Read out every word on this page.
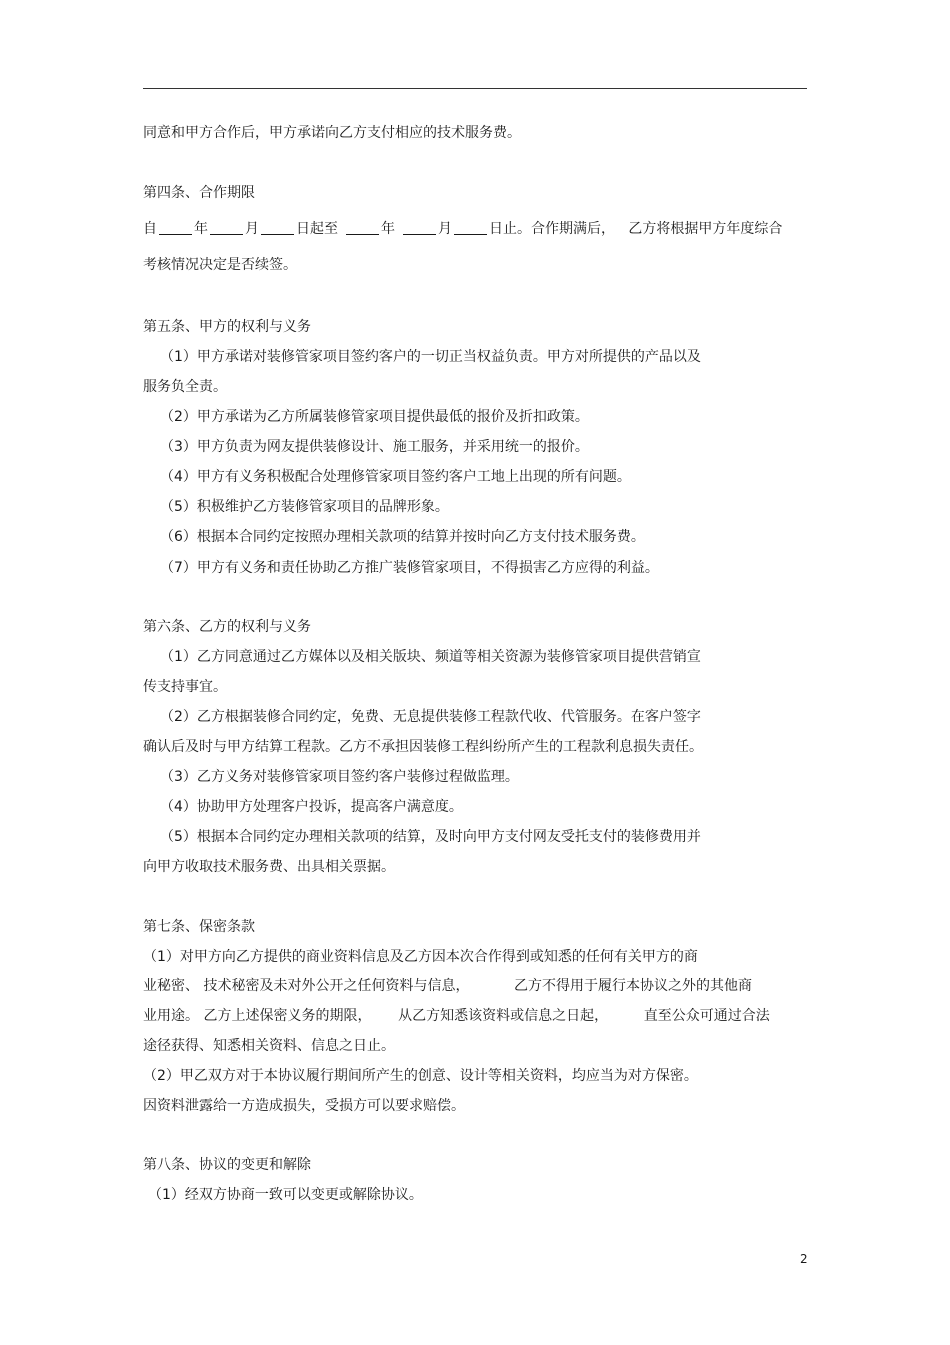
同意和甲方合作后，甲方承诺向乙方支付相应的技术服务费。
第四条、合作期限
自	年	月	日起至	年	月	日止。合作期满后，   乙方将根据甲方年度综合
考核情况决定是否续签。
第五条、甲方的权利与义务
（1）甲方承诺对装修管家项目签约客户的一切正当权益负责。甲方对所提供的产品以及
服务负全责。
（2）甲方承诺为乙方所属装修管家项目提供最低的报价及折扣政策。
（3）甲方负责为网友提供装修设计、施工服务，并采用统一的报价。
（4）甲方有义务积极配合处理修管家项目签约客户工地上出现的所有问题。
（5）积极维护乙方装修管家项目的品牌形象。
（6）根据本合同约定按照办理相关款项的结算并按时向乙方支付技术服务费。
（7）甲方有义务和责任协助乙方推广装修管家项目，不得损害乙方应得的利益。
第六条、乙方的权利与义务
（1）乙方同意通过乙方媒体以及相关版块、频道等相关资源为装修管家项目提供营销宣
传支持事宜。
（2）乙方根据装修合同约定，免费、无息提供装修工程款代收、代管服务。在客户签字
确认后及时与甲方结算工程款。乙方不承担因装修工程纠纷所产生的工程款利息损失责任。
（3）乙方义务对装修管家项目签约客户装修过程做监理。
（4）协助甲方处理客户投诉，提高客户满意度。
（5）根据本合同约定办理相关款项的结算，及时向甲方支付网友受托支付的装修费用并
向甲方收取技术服务费、出具相关票据。
第七条、保密条款
（1）对甲方向乙方提供的商业资料信息及乙方因本次合作得到或知悉的任何有关甲方的商
业秘密、 技术秘密及未对外公开之任何资料与信息，          乙方不得用于履行本协议之外的其他商
业用途。 乙方上述保密义务的期限，      从乙方知悉该资料或信息之日起，        直至公众可通过合法
途径获得、知悉相关资料、信息之日止。
（2）甲乙双方对于本协议履行期间所产生的创意、设计等相关资料，均应当为对方保密。
因资料泄露给一方造成损失，受损方可以要求赔偿。
第八条、协议的变更和解除
（1）经双方协商一致可以变更或解除协议。
2
